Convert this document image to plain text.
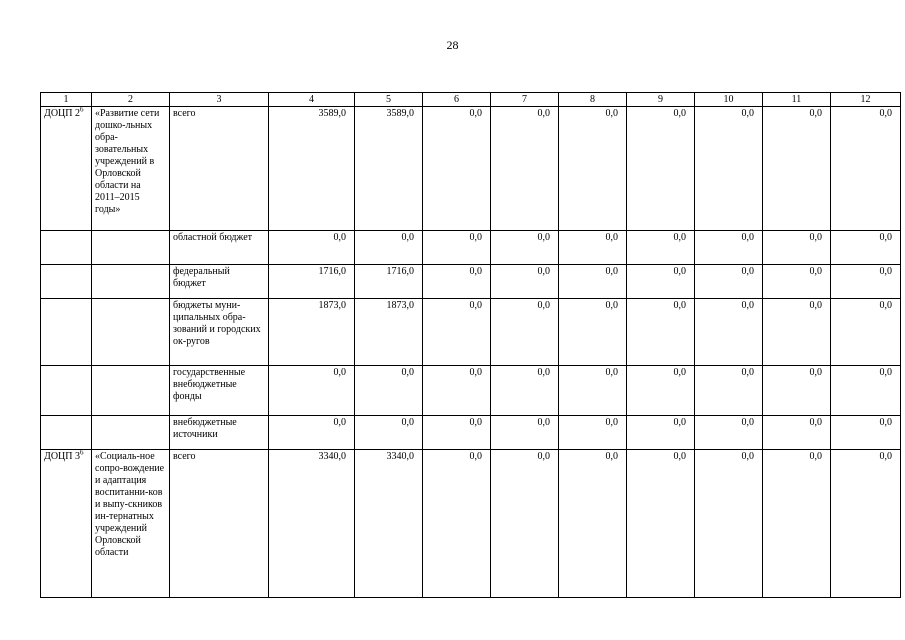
28
1	2	3	4	5	6	7	8	9	10	11	12
ДОЦП $2^6$	«Развитие сети дошко-льных обра-зовательных учреждений в Орловской области на 2011–2015 годы»	всего	3589,0	3589,0	0,0	0,0	0,0	0,0	0,0	0,0	0,0
		областной бюджет	0,0	0,0	0,0	0,0	0,0	0,0	0,0	0,0	0,0
		федеральный бюджет	1716,0	1716,0	0,0	0,0	0,0	0,0	0,0	0,0	0,0
		бюджеты муни-ципальных обра-зований и городских ок-ругов	1873,0	1873,0	0,0	0,0	0,0	0,0	0,0	0,0	0,0
		государственные внебюджетные фонды	0,0	0,0	0,0	0,0	0,0	0,0	0,0	0,0	0,0
		внебюджетные источники	0,0	0,0	0,0	0,0	0,0	0,0	0,0	0,0	0,0
ДОЦП $3^6$	«Социаль-ное сопро-вождение и адаптация воспитанни-ков и выпу-скников ин-тернатных учреждений Орловской области	всего	3340,0	3340,0	0,0	0,0	0,0	0,0	0,0	0,0	0,0
